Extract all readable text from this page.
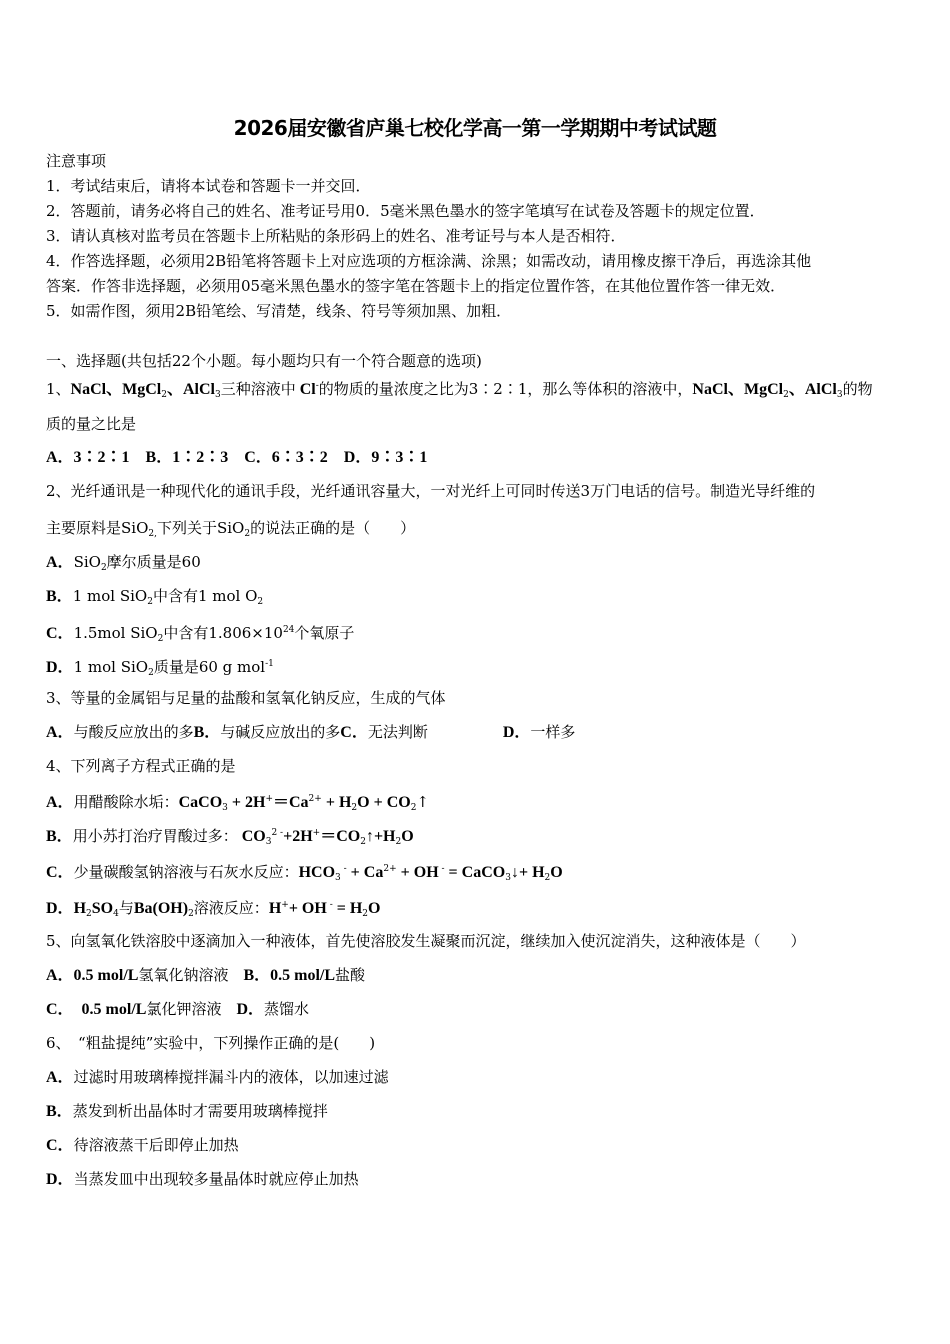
2026届安徽省庐巢七校化学高一第一学期期中考试试题
注意事项
1．考试结束后，请将本试卷和答题卡一并交回．
2．答题前，请务必将自己的姓名、准考证号用0．5毫米黑色墨水的签字笔填写在试卷及答题卡的规定位置．
3．请认真核对监考员在答题卡上所粘贴的条形码上的姓名、准考证号与本人是否相符．
4．作答选择题，必须用2B铅笔将答题卡上对应选项的方框涂满、涂黑；如需改动，请用橡皮擦干净后，再选涂其他
答案．作答非选择题，必须用05毫米黑色墨水的签字笔在答题卡上的指定位置作答，在其他位置作答一律无效．
5．如需作图，须用2B铅笔绘、写清楚，线条、符号等须加黑、加粗．
一、选择题(共包括22个小题。每小题均只有一个符合题意的选项)
1、NaCl、MgCl$_2$、AlCl$_3$三种溶液中 Cl-的物质的量浓度之比为3∶2∶1，那么等体积的溶液中，NaCl、MgCl$_2$、AlCl$_3$的物
质的量之比是
A．3∶2∶1　B．1∶2∶3　C．6∶3∶2　D．9∶3∶1
2、光纤通讯是一种现代化的通讯手段，光纤通讯容量大，一对光纤上可同时传送3万门电话的信号。制造光导纤维的
主要原料是SiO$_{2,}$下列关于SiO$_2$的说法正确的是（　　）
A．SiO$_2$摩尔质量是60
B．1 mol SiO$_2$中含有1 mol $O_2$
C．1.5mol SiO$_2$中含有$1.806\times 10^{24}$个氧原子
D．1 mol SiO$_2$质量是60 g mol$^{-1}$
3、等量的金属铝与足量的盐酸和氢氧化钠反应，生成的气体
A．与酸反应放出的多B．与碱反应放出的多C．无法判断　　　　　D．一样多
4、下列离子方程式正确的是
A．用醋酸除水垢：CaCO$_3$ + $2H^+=Ca^{2+} + H_2O$ + $CO_2↑$
B．用小苏打治疗胃酸过多： $CO_3^{2 -}+2H^+=CO_2↑+H_2O$
C．少量碳酸氢钠溶液与石灰水反应：$HCO_3$ $^- + Ca^{2+}$ + OH - = CaCO$_3$↓+ $H_2O$
D．$H_2SO_4$与$Ba(OH)_2$溶液反应：H++ OH $^- = H_2O$
5、向氢氧化铁溶胶中逐滴加入一种液体，首先使溶胶发生凝聚而沉淀，继续加入使沉淀消失，这种液体是（　　）
A．0.5 mol/L氢氧化钠溶液　B．0.5 mol/L盐酸
C．　0.5 mol/L氯化钾溶液　D．蒸馏水
6、　“粗盐提纯”实验中，下列操作正确的是(　　)
A．过滤时用玻璃棒搅拌漏斗内的液体，以加速过滤
B．蒸发到析出晶体时才需要用玻璃棒搅拌
C．待溶液蒸干后即停止加热
D．当蒸发皿中出现较多量晶体时就应停止加热
